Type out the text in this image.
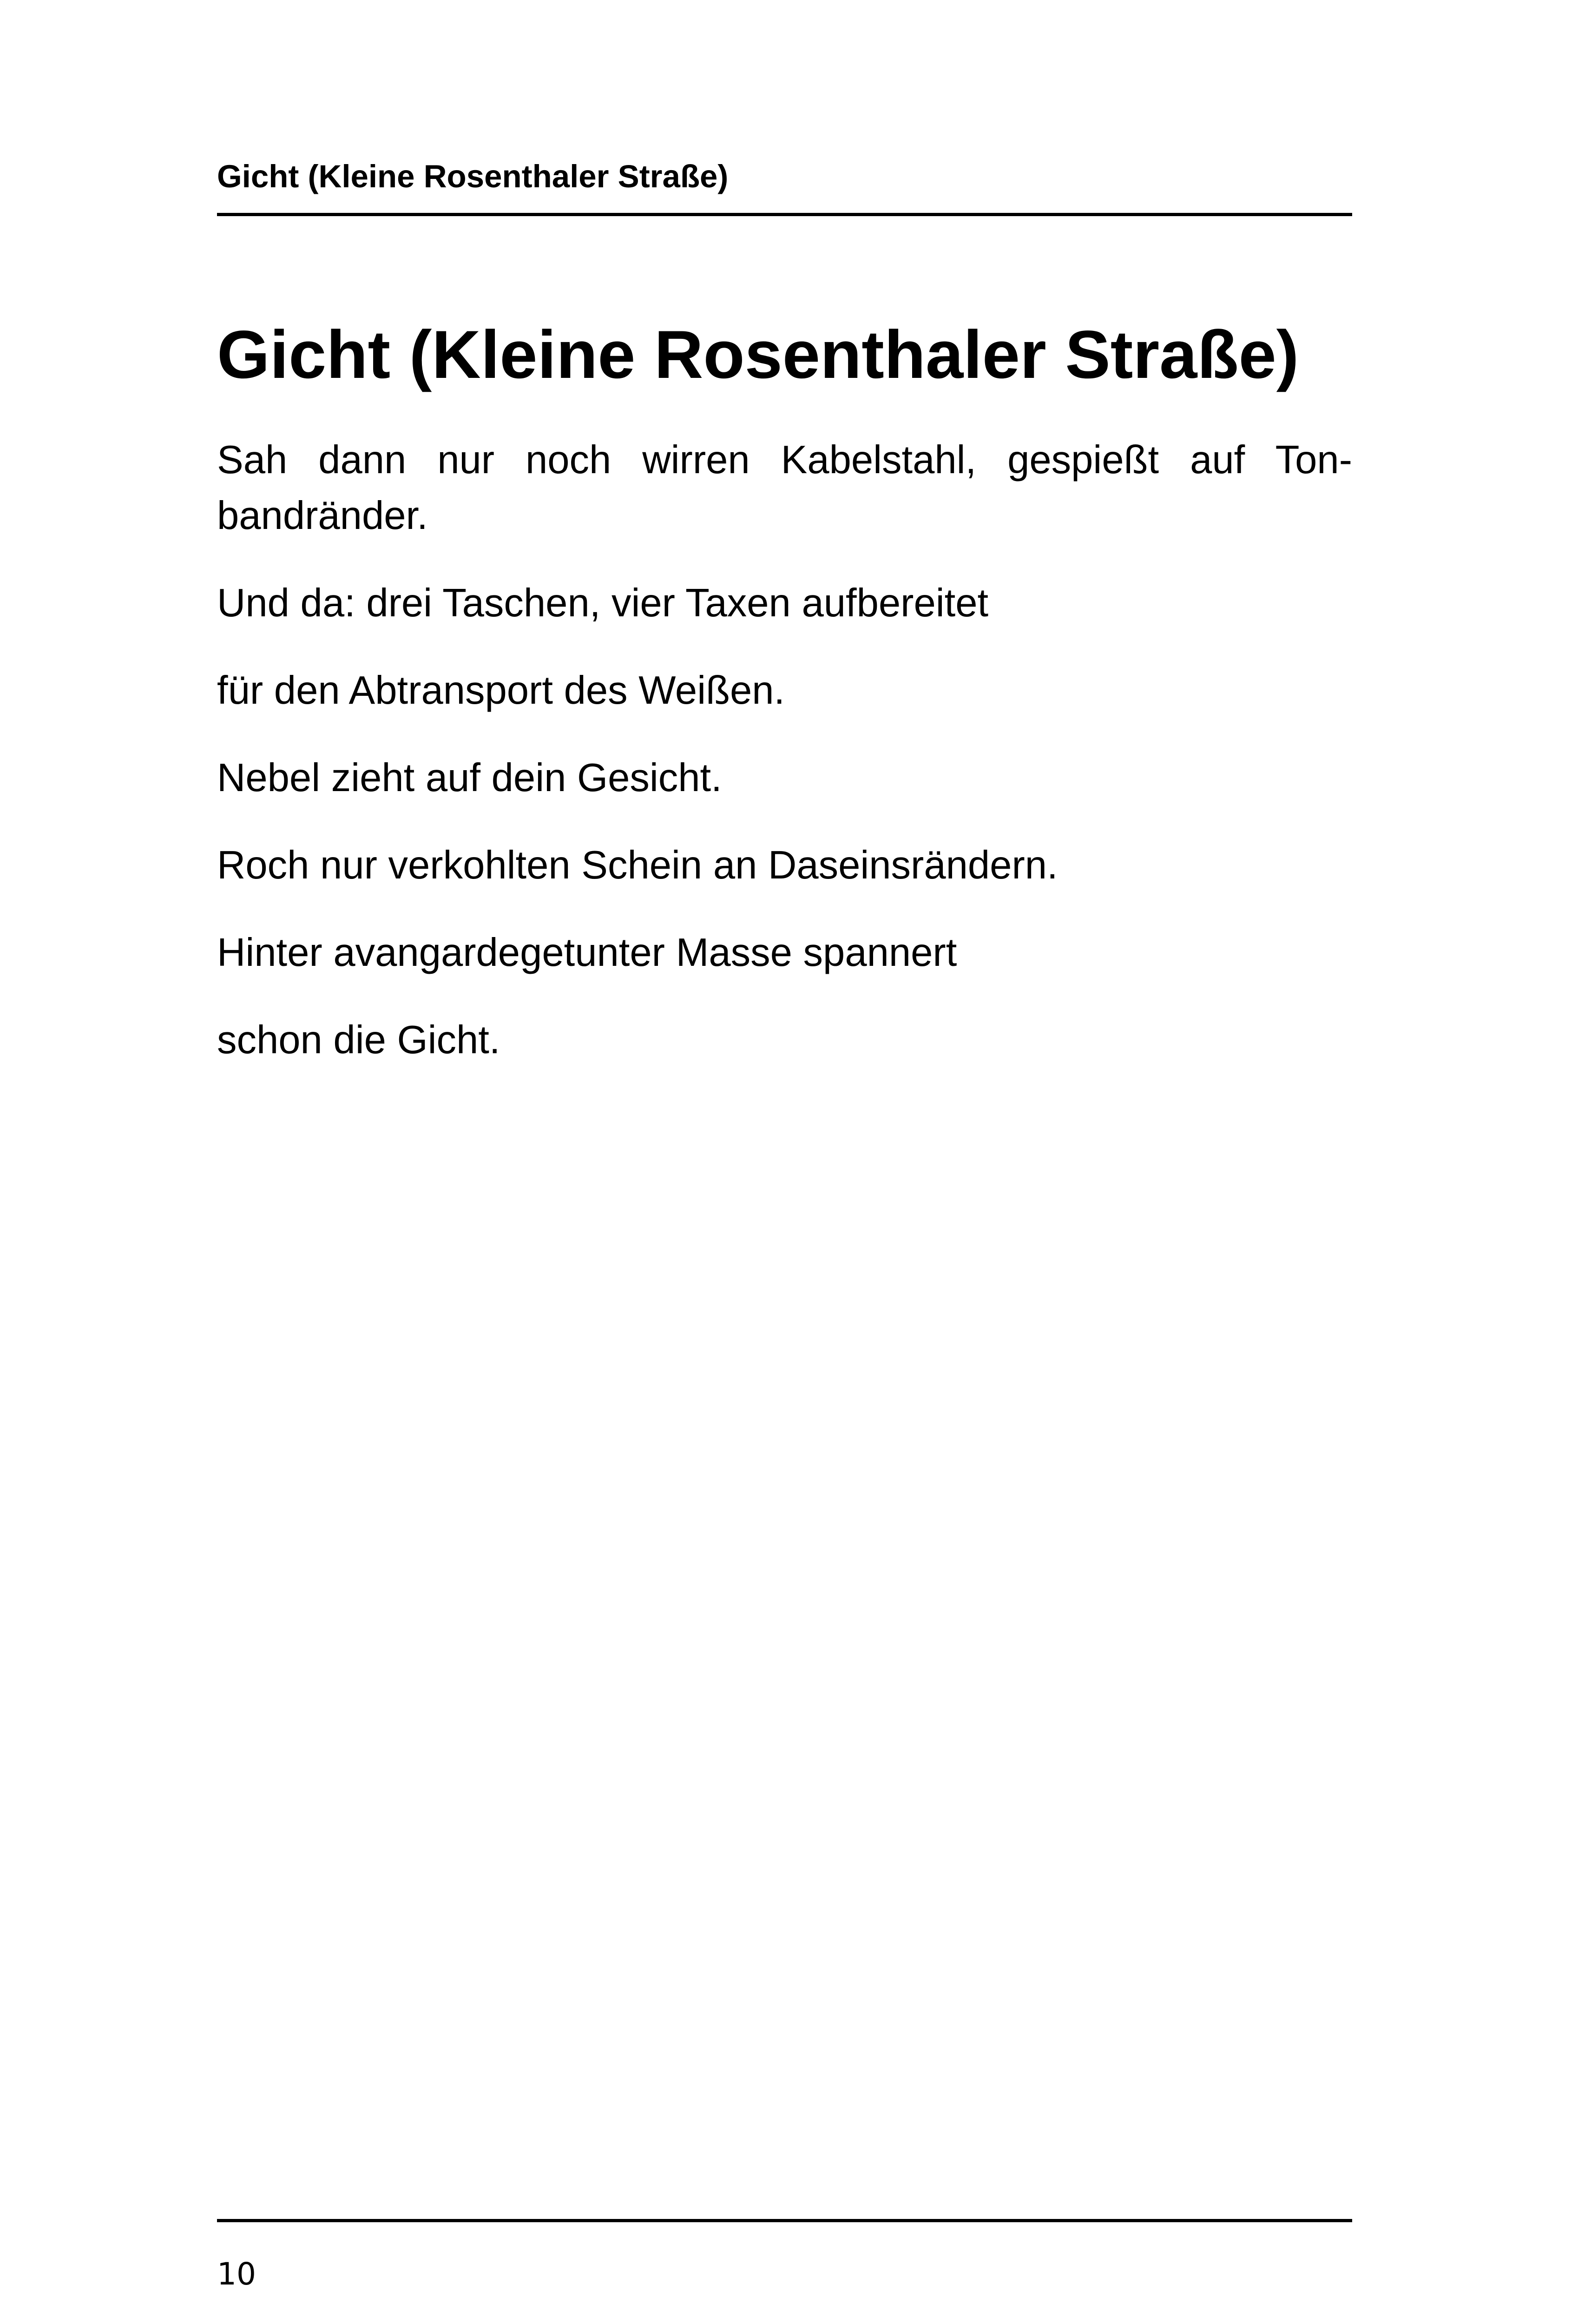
Gicht (Kleine Rosenthaler Straße)
Gicht (Kleine Rosenthaler Straße)

Sah dann nur noch wirren Kabelstahl, gespießt auf Tonbandränder.

Und da: drei Taschen, vier Taxen aufbereitet

für den Abtransport des Weißen.

Nebel zieht auf dein Gesicht.

Roch nur verkohlten Schein an Daseinsrändern.

Hinter avangardegetunter Masse spannert

schon die Gicht.

10
